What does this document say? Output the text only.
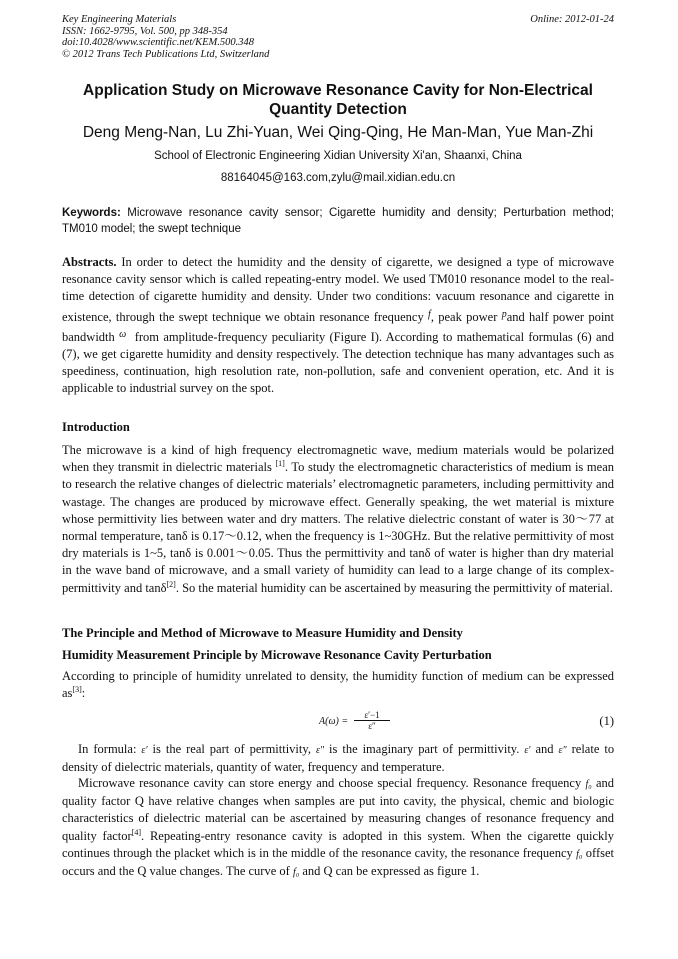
Key Engineering Materials
ISSN: 1662-9795, Vol. 500, pp 348-354
doi:10.4028/www.scientific.net/KEM.500.348
© 2012 Trans Tech Publications Ltd, Switzerland
Online: 2012-01-24
Application Study on Microwave Resonance Cavity for Non-Electrical Quantity Detection
Deng Meng-Nan, Lu Zhi-Yuan, Wei Qing-Qing, He Man-Man, Yue Man-Zhi
School of Electronic Engineering Xidian University Xi'an, Shaanxi, China
88164045@163.com,zylu@mail.xidian.edu.cn
Keywords: Microwave resonance cavity sensor; Cigarette humidity and density; Perturbation method; TM010 model; the swept technique
Abstracts. In order to detect the humidity and the density of cigarette, we designed a type of microwave resonance cavity sensor which is called repeating-entry model. We used TM010 resonance model to the real-time detection of cigarette humidity and density. Under two conditions: vacuum resonance and cigarette in existence, through the swept technique we obtain resonance frequency $^f$, peak power $^p$and half power point bandwidth $^\omega$ from amplitude-frequency peculiarity (Figure I). According to mathematical formulas (6) and (7), we get cigarette humidity and density respectively. The detection technique has many advantages such as speediness, continuation, high resolution rate, non-pollution, safe and convenient operation, etc. And it is applicable to industrial survey on the spot.
Introduction
The microwave is a kind of high frequency electromagnetic wave, medium materials would be polarized when they transmit in dielectric materials [1]. To study the electromagnetic characteristics of medium is mean to research the relative changes of dielectric materials’ electromagnetic parameters, including permittivity and wastage. The changes are produced by microwave effect. Generally speaking, the wet material is mixture whose permittivity lies between water and dry matters. The relative dielectric constant of water is 30～77 at normal temperature, tanδ is 0.17～0.12, when the frequency is 1~30GHz. But the relative permittivity of most dry materials is 1~5, tanδ is 0.001～0.05. Thus the permittivity and tanδ of water is higher than dry material in the wave band of microwave, and a small variety of humidity can lead to a large change of its complex-permittivity and tanδ[2]. So the material humidity can be ascertained by measuring the permittivity of material.
The Principle and Method of Microwave to Measure Humidity and Density
Humidity Measurement Principle by Microwave Resonance Cavity Perturbation
According to principle of humidity unrelated to density, the humidity function of medium can be expressed as[3]:
$A(\omega) = \frac{\varepsilon'-1}{\varepsilon''}$	(1)
In formula: ε′ is the real part of permittivity, ε″ is the imaginary part of permittivity. ε′ and ε″ relate to density of dielectric materials, quantity of water, frequency and temperature.
Microwave resonance cavity can store energy and choose special frequency. Resonance frequency f₀ and quality factor Q have relative changes when samples are put into cavity, the physical, chemic and biologic characteristics of dielectric material can be ascertained by measuring changes of resonance frequency and quality factor[4]. Repeating-entry resonance cavity is adopted in this system. When the cigarette quickly continues through the placket which is in the middle of the resonance cavity, the resonance frequency f₀ offset occurs and the Q value changes. The curve of f₀ and Q can be expressed as figure 1.
